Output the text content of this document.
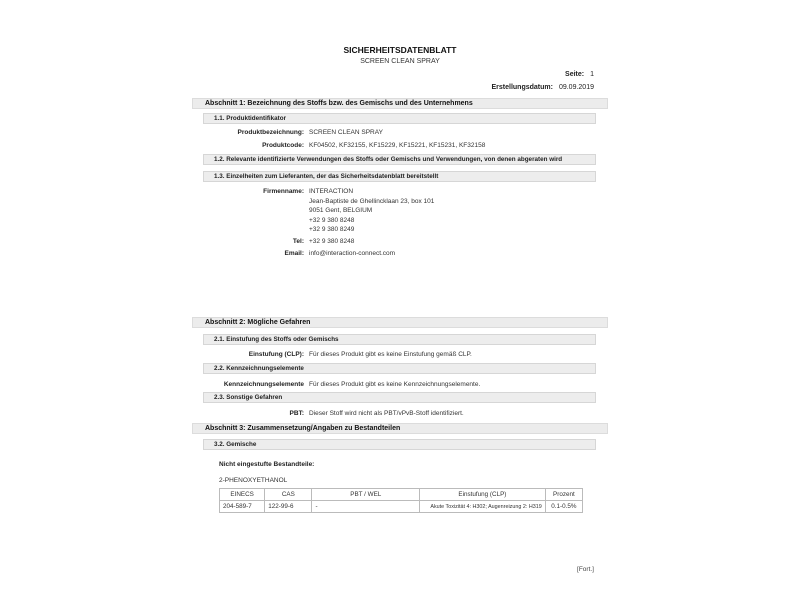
SICHERHEITSDATENBLATT
SCREEN CLEAN SPRAY
Seite: 1
Erstellungsdatum: 09.09.2019
Abschnitt 1: Bezeichnung des Stoffs bzw. des Gemischs und des Unternehmens
1.1. Produktidentifikator
Produktbezeichnung: SCREEN CLEAN SPRAY
Produktcode: KF04502, KF32155, KF15229, KF15221, KF15231, KF32158
1.2. Relevante identifizierte Verwendungen des Stoffs oder Gemischs und Verwendungen, von denen abgeraten wird
1.3. Einzelheiten zum Lieferanten, der das Sicherheitsdatenblatt bereitstellt
Firmenname: INTERACTION
Jean-Baptiste de Ghellincklaan 23, box 101
9051 Gent, BELGIUM
+32 9 380 8248
+32 9 380 8249
Tel: +32 9 380 8248
Email: info@interaction-connect.com
Abschnitt 2: Mögliche Gefahren
2.1. Einstufung des Stoffs oder Gemischs
Einstufung (CLP): Für dieses Produkt gibt es keine Einstufung gemäß CLP.
2.2. Kennzeichnungselemente
Kennzeichnungselemente Für dieses Produkt gibt es keine Kennzeichnungselemente.
2.3. Sonstige Gefahren
PBT: Dieser Stoff wird nicht als PBT/vPvB-Stoff identifiziert.
Abschnitt 3: Zusammensetzung/Angaben zu Bestandteilen
3.2. Gemische
Nicht eingestufte Bestandteile:
2-PHENOXYETHANOL
EINECS	CAS	PBT / WEL	Einstufung (CLP)	Prozent
204-589-7	122-99-6	-	Akute Toxizität 4: H302; Augenreizung 2: H319	0.1-0.5%
[Fort.]
